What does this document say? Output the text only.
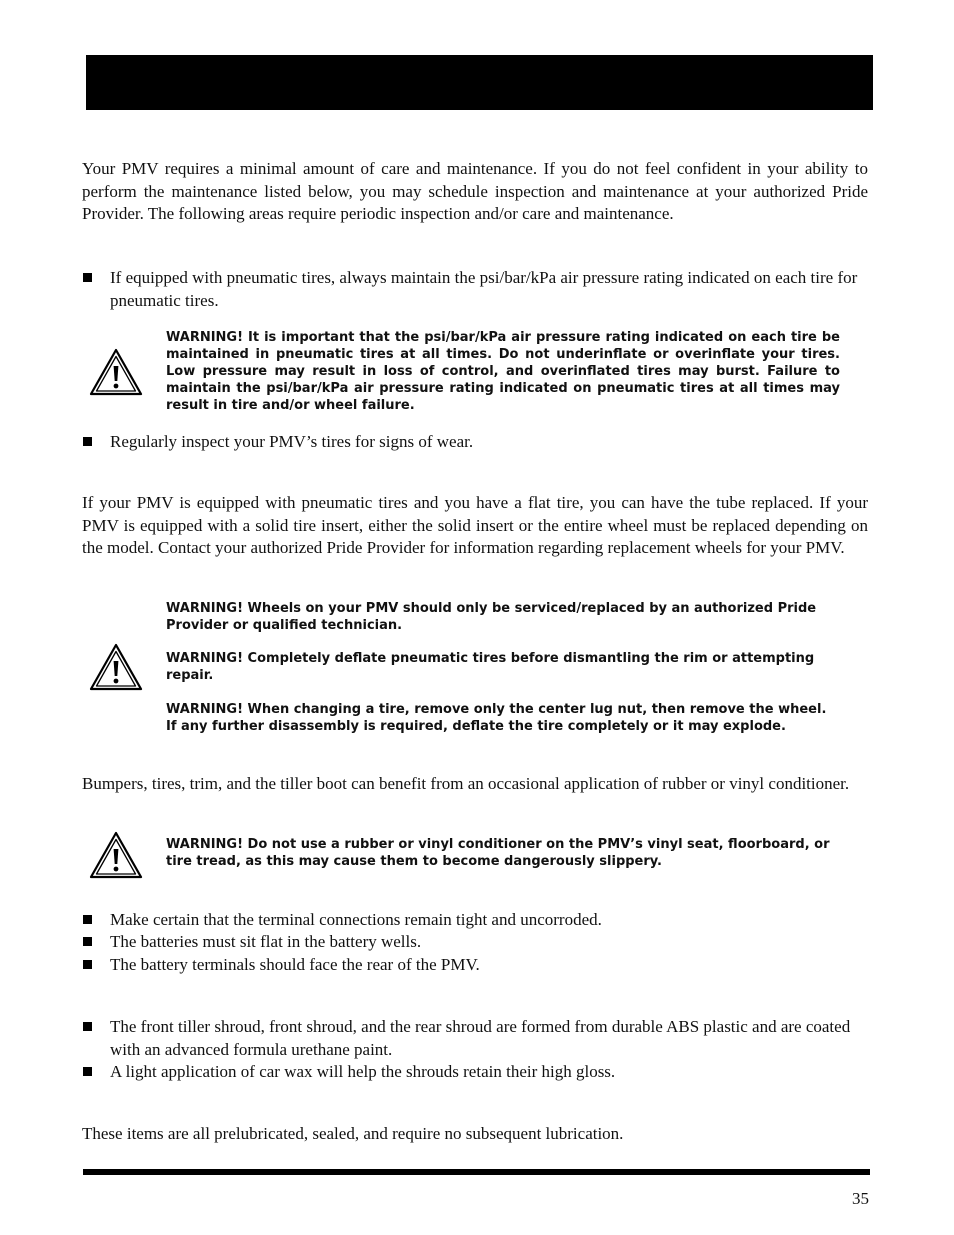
Your PMV requires a minimal amount of care and maintenance. If you do not feel confident in your ability to perform the maintenance listed below, you may schedule inspection and maintenance at your authorized Pride Provider. The following areas require periodic inspection and/or care and maintenance.

If equipped with pneumatic tires, always maintain the psi/bar/kPa air pressure rating indicated on each tire for pneumatic tires.

WARNING! It is important that the psi/bar/kPa air pressure rating indicated on each tire be maintained in pneumatic tires at all times. Do not underinflate or overinflate your tires. Low pressure may result in loss of control, and overinflated tires may burst. Failure to maintain the psi/bar/kPa air pressure rating indicated on pneumatic tires at all times may result in tire and/or wheel failure.

Regularly inspect your PMV’s tires for signs of wear.

If your PMV is equipped with pneumatic tires and you have a flat tire, you can have the tube replaced. If your PMV is equipped with a solid tire insert, either the solid insert or the entire wheel must be replaced depending on the model. Contact your authorized Pride Provider for information regarding replacement wheels for your PMV.

WARNING! Wheels on your PMV should only be serviced/replaced by an authorized Pride Provider or qualified technician.

WARNING! Completely deflate pneumatic tires before dismantling the rim or attempting repair.

WARNING! When changing a tire, remove only the center lug nut, then remove the wheel. If any further disassembly is required, deflate the tire completely or it may explode.

Bumpers, tires, trim, and the tiller boot can benefit from an occasional application of rubber or vinyl conditioner.

WARNING! Do not use a rubber or vinyl conditioner on the PMV’s vinyl seat, floorboard, or tire tread, as this may cause them to become dangerously slippery.

Make certain that the terminal connections remain tight and uncorroded.
The batteries must sit flat in the battery wells.
The battery terminals should face the rear of the PMV.
The front tiller shroud, front shroud, and the rear shroud are formed from durable ABS plastic and are coated with an advanced formula urethane paint.
A light application of car wax will help the shrouds retain their high gloss.

These items are all prelubricated, sealed, and require no subsequent lubrication.

35
